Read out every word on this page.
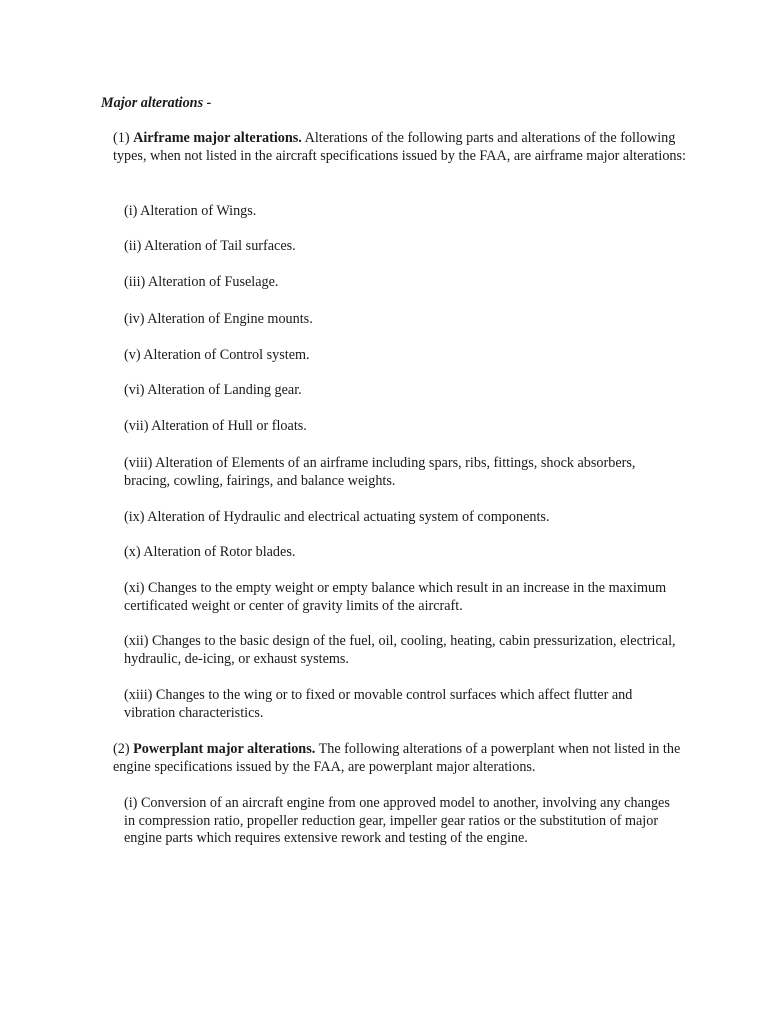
Major alterations -

(1) Airframe major alterations. Alterations of the following parts and alterations of the following types, when not listed in the aircraft specifications issued by the FAA, are airframe major alterations:

(i) Alteration of Wings.

(ii) Alteration of Tail surfaces.

(iii) Alteration of Fuselage.

(iv) Alteration of Engine mounts.

(v) Alteration of Control system.

(vi) Alteration of Landing gear.

(vii) Alteration of Hull or floats.

(viii) Alteration of Elements of an airframe including spars, ribs, fittings, shock absorbers, bracing, cowling, fairings, and balance weights.

(ix) Alteration of Hydraulic and electrical actuating system of components.

(x) Alteration of Rotor blades.

(xi) Changes to the empty weight or empty balance which result in an increase in the maximum certificated weight or center of gravity limits of the aircraft.

(xii) Changes to the basic design of the fuel, oil, cooling, heating, cabin pressurization, electrical, hydraulic, de-icing, or exhaust systems.

(xiii) Changes to the wing or to fixed or movable control surfaces which affect flutter and vibration characteristics.

(2) Powerplant major alterations. The following alterations of a powerplant when not listed in the engine specifications issued by the FAA, are powerplant major alterations.

(i) Conversion of an aircraft engine from one approved model to another, involving any changes in compression ratio, propeller reduction gear, impeller gear ratios or the substitution of major engine parts which requires extensive rework and testing of the engine.
